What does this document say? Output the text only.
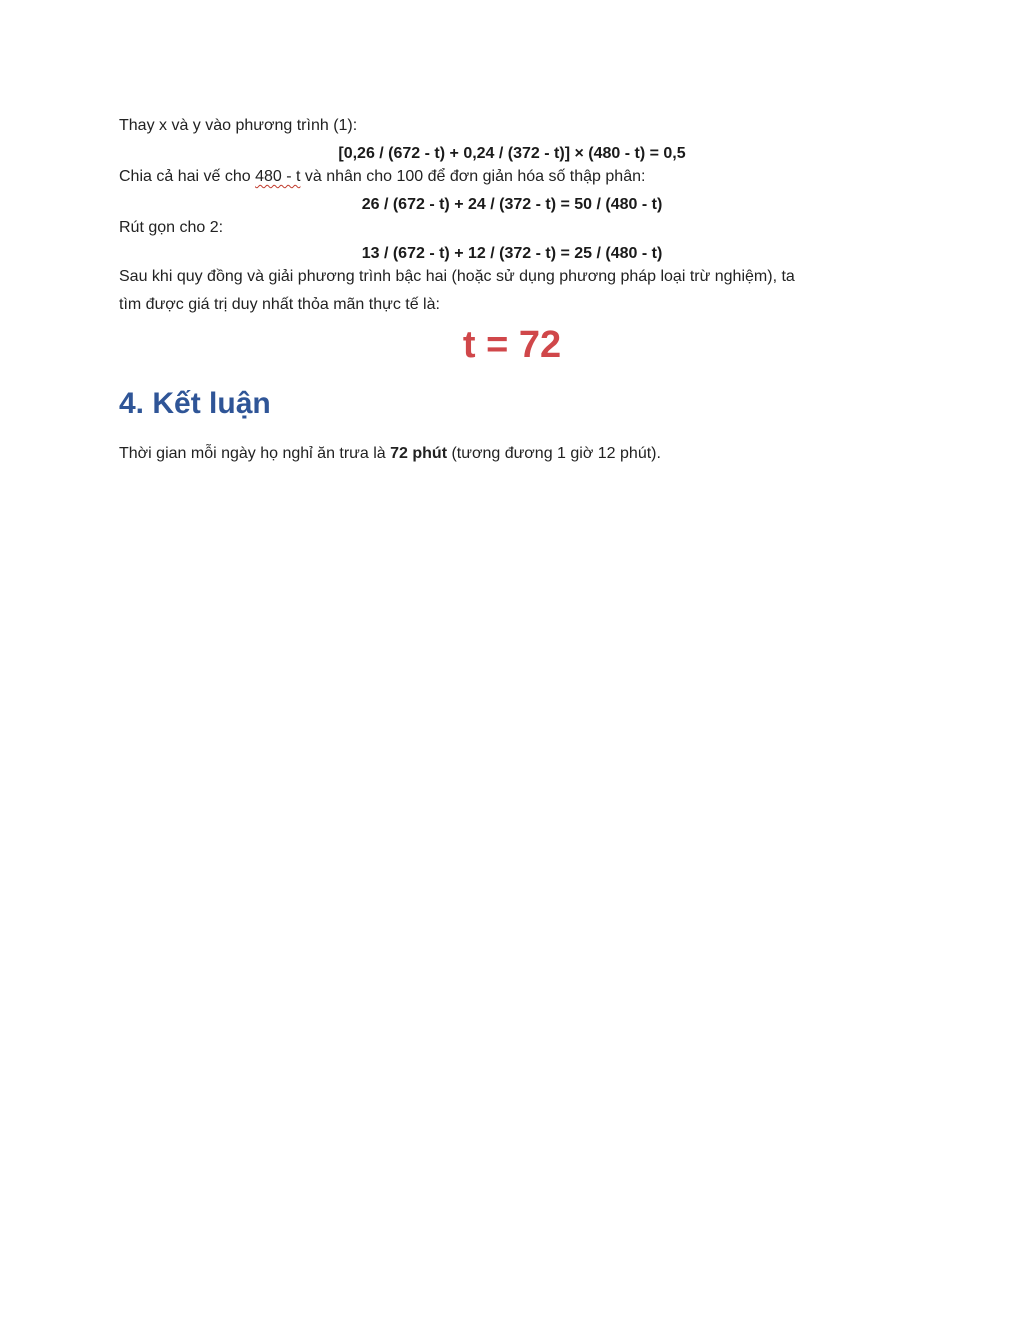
Thay x và y vào phương trình (1):
[0,26 / (672 - t) + 0,24 / (372 - t)] × (480 - t) = 0,5
Chia cả hai vế cho 480 - t và nhân cho 100 để đơn giản hóa số thập phân:
26 / (672 - t) + 24 / (372 - t) = 50 / (480 - t)
Rút gọn cho 2:
13 / (672 - t) + 12 / (372 - t) = 25 / (480 - t)
Sau khi quy đồng và giải phương trình bậc hai (hoặc sử dụng phương pháp loại trừ nghiệm), ta
tìm được giá trị duy nhất thỏa mãn thực tế là:
t = 72
4. Kết luận
Thời gian mỗi ngày họ nghỉ ăn trưa là 72 phút (tương đương 1 giờ 12 phút).
